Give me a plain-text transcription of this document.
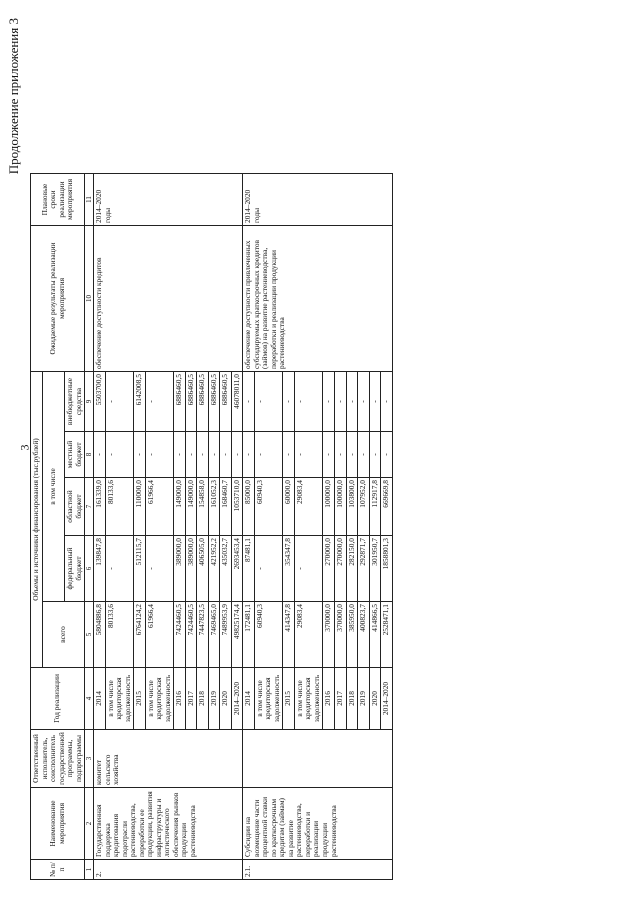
3
Продолжение приложения 3
№ п/п	Наименование мероприятия	Ответственный исполнитель, соисполнитель государственной программы, подпрограммы	Год реализации	Объемы и источники финансирования (тыс.рублей)					Ожидаемые результаты реализации мероприятия	Плановые сроки реализации мероприятия
				всего	в том числе					
					федеральный бюджет	областной бюджет	местный бюджет	внебюджетные средства		
1	2	3	4	5	6	7	8	9	10	11
2.	Государственная поддержка кредитования подотрасли растениеводства, переработки ее продукции, развития инфраструктуры и логистического обеспечения рынков продукции растениеводства	комитет сельского хозяйства	2014	5804886,8	139847,8	161339,0	-	5503700,0	обеспечение доступности кредитов	2014–2020 годы
			в том числе кредиторская задолженность	80133,6	-	80133,6	-	-		
			2015	6764124,2	512115,7	110000,0	-	6142008,5		
			в том числе кредиторская задолженность	61966,4	-	61966,4	-	-		
			2016	7424460,5	389000,0	149000,0	-	6886460,5		
			2017	7424460,5	389000,0	149000,0	-	6886460,5		
			2018	7447823,5	406505,0	154858,0	-	6886460,5		
			2019	7469465,0	421952,2	161052,3	-	6886460,5		
			2020	7489953,9	435032,7	168460,7	-	6886460,5		
			2014–2020	49825174,4	2693453,4	1053710,0	-	46078011,0		
2.1.	Субсидии на возмещение части процентной ставки по краткосрочным кредитам (займам) на развитие растениеводства, переработки и реализации продукции растениеводства		2014	172481,1	87481,1	85000,0	-	-	обеспечение доступности привлеченных субсидируемых краткосрочных кредитов (займов) на развитие растениеводства, переработки и реализации продукции растениеводства	2014–2020 годы
			в том числе кредиторская задолженность	60940,3	-	60940,3	-	-		
			2015	414347,8	354347,8	60000,0	-	-		
			в том числе кредиторская задолженность	29083,4	-	29083,4	-	-		
			2016	370000,0	270000,0	100000,0	-	-		
			2017	370000,0	270000,0	100000,0	-	-		
			2018	385950,0	282150,0	103800,0	-	-		
			2019	400823,7	292871,7	107952,0	-	-		
			2020	414866,5	301950,7	112917,8	-	-		
			2014–2020	2528471,1	1858801,3	669669,8	-	-		
